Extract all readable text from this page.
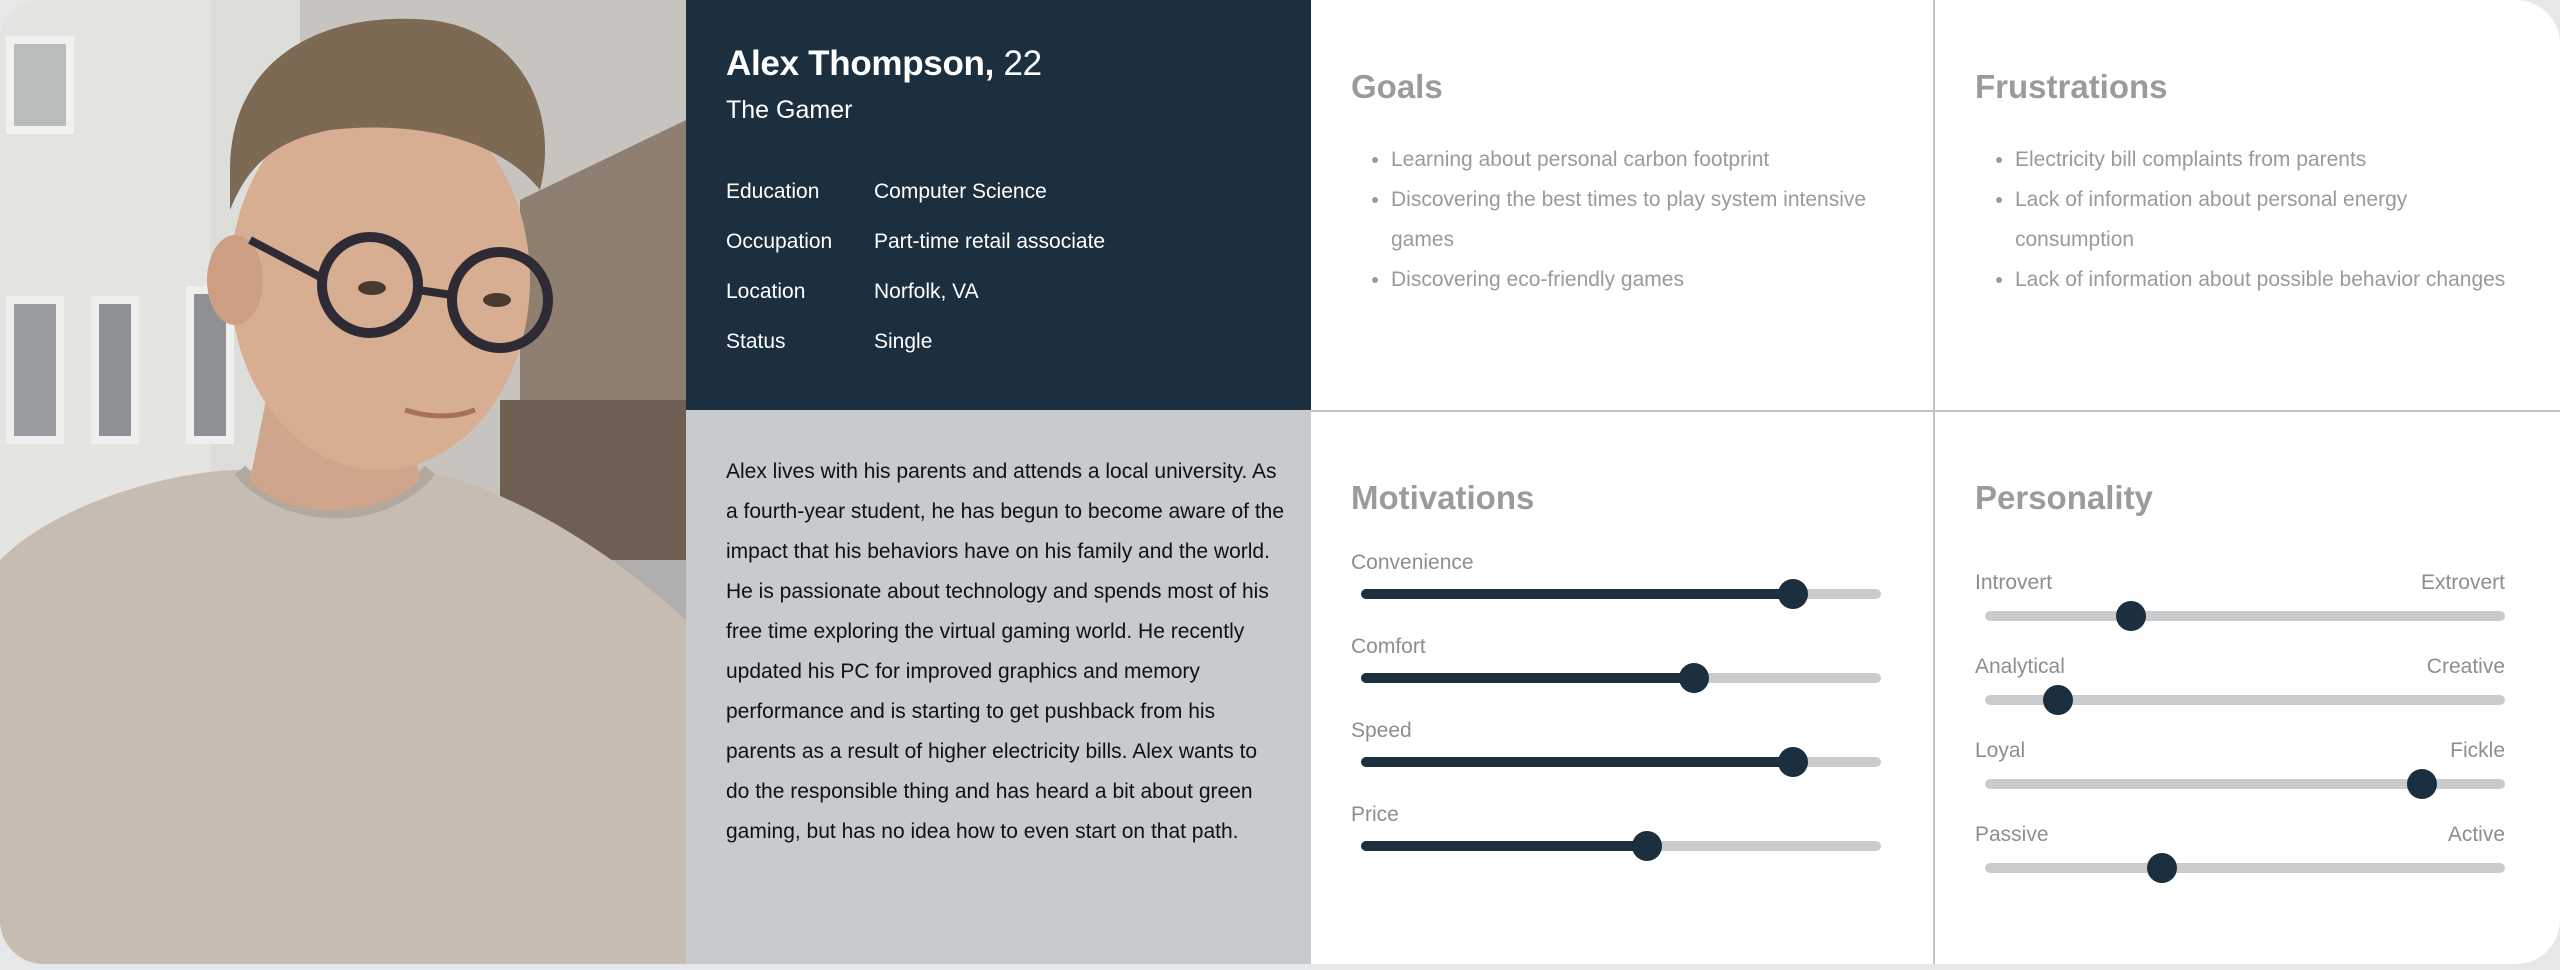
Alex Thompson, 22
The Gamer
Education	Computer Science
Occupation	Part-time retail associate
Location	Norfolk, VA
Status	Single
Alex lives with his parents and attends a local university. As a fourth-year student, he has begun to become aware of the impact that his behaviors have on his family and the world. He is passionate about technology and spends most of his free time exploring the virtual gaming world. He recently updated his PC for improved graphics and memory performance and is starting to get pushback from his parents as a result of higher electricity bills. Alex wants to do the responsible thing and has heard a bit about green gaming, but has no idea how to even start on that path.
Goals
• Learning about personal carbon footprint
• Discovering the best times to play system intensive games
• Discovering eco-friendly games
Frustrations
• Electricity bill complaints from parents
• Lack of information about personal energy consumption
• Lack of information about possible behavior changes
Motivations
Convenience
Comfort
Speed
Price
Personality
Introvert	Extrovert
Analytical	Creative
Loyal	Fickle
Passive	Active
